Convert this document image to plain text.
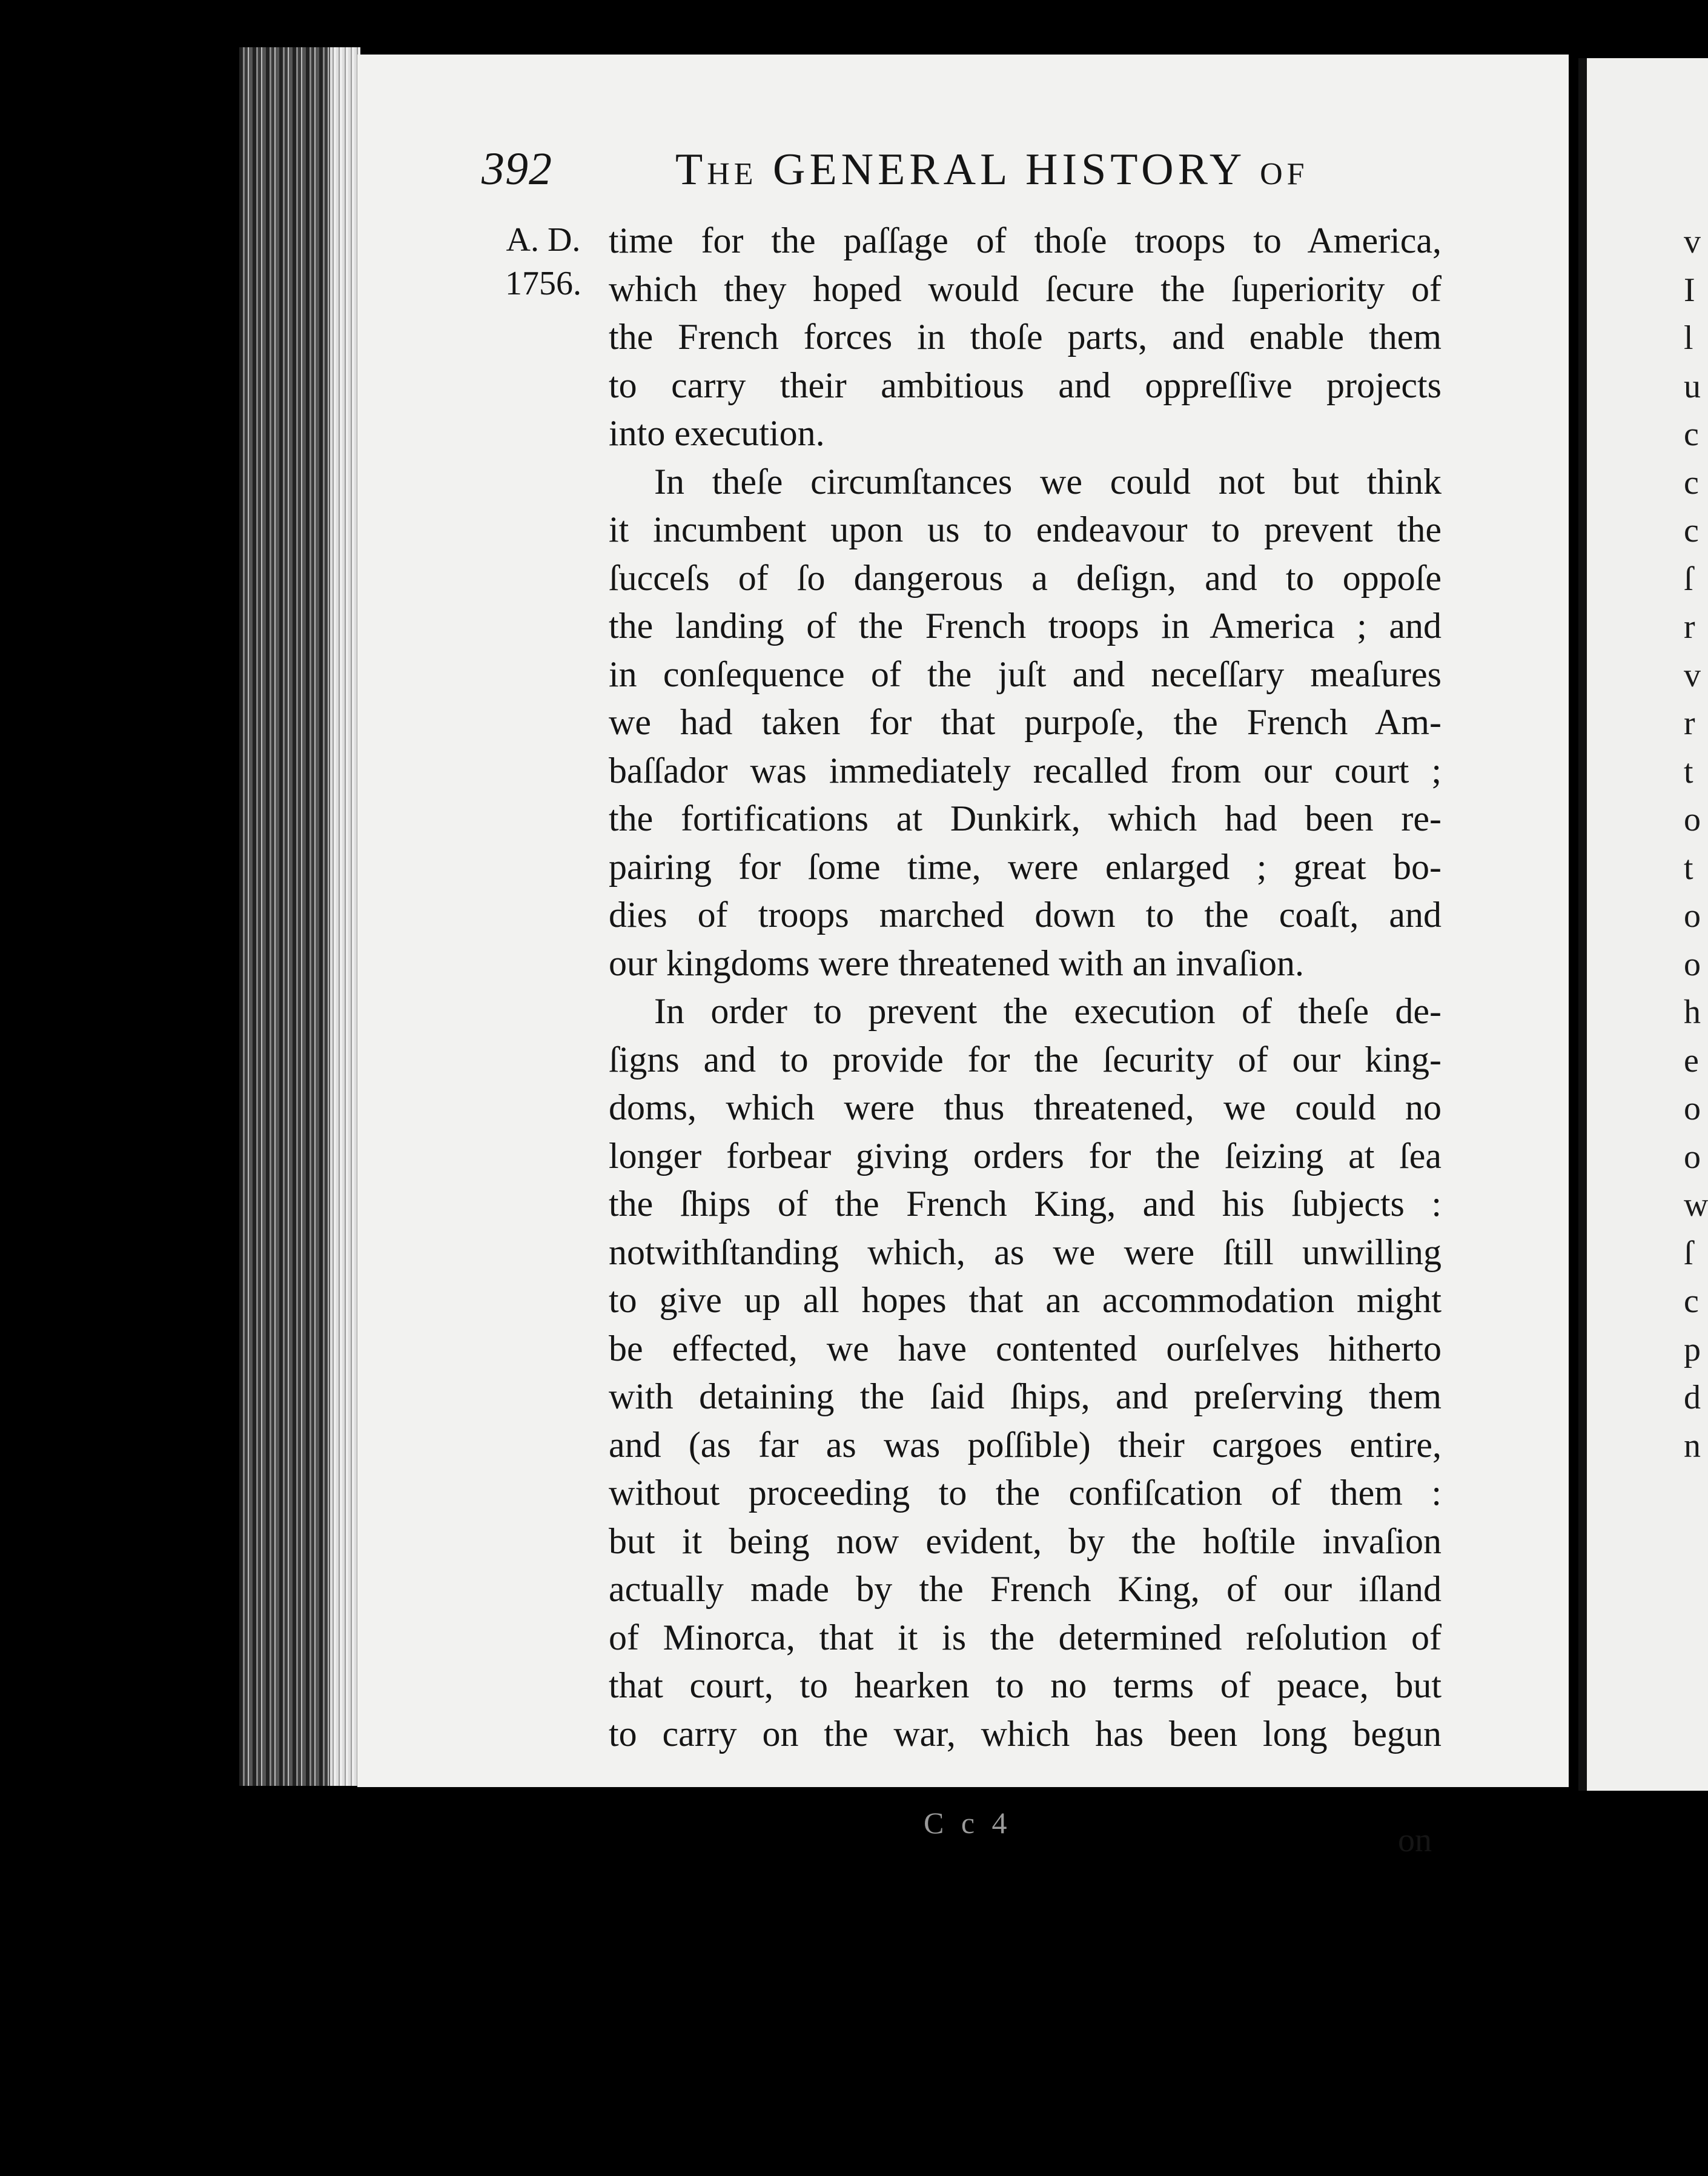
v
I
l
u
c
c
c
ſ
r
v
r
t
o
t
o
o
h
e
o
o
w
ſ
c
p
d
n
392	The GENERAL HISTORY of
A. D.
1756.
time for the paſſage of thoſe troops to America,
which they hoped would ſecure the ſuperiority of
the French forces in thoſe parts, and enable them
to carry their ambitious and oppreſſive projects
into execution.
In theſe circumſtances we could not but think
it incumbent upon us to endeavour to prevent the
ſucceſs of ſo dangerous a deſign, and to oppoſe
the landing of the French troops in America ; and
in conſequence of the juſt and neceſſary meaſures
we had taken for that purpoſe, the French Am-
baſſador was immediately recalled from our court ;
the fortifications at Dunkirk, which had been re-
pairing for ſome time, were enlarged ; great bo-
dies of troops marched down to the coaſt, and
our kingdoms were threatened with an invaſion.
In order to prevent the execution of theſe de-
ſigns and to provide for the ſecurity of our king-
doms, which were thus threatened, we could no
longer forbear giving orders for the ſeizing at ſea
the ſhips of the French King, and his ſubjects :
notwithſtanding which, as we were ſtill unwilling
to give up all hopes that an accommodation might
be effected, we have contented ourſelves hitherto
with detaining the ſaid ſhips, and preſerving them
and (as far as was poſſible) their cargoes entire,
without proceeding to the confiſcation of them :
but it being now evident, by the hoſtile invaſion
actually made by the French King, of our iſland
of Minorca, that it is the determined reſolution of
that court, to hearken to no terms of peace, but
to carry on the war, which has been long begun
C c 4	on
